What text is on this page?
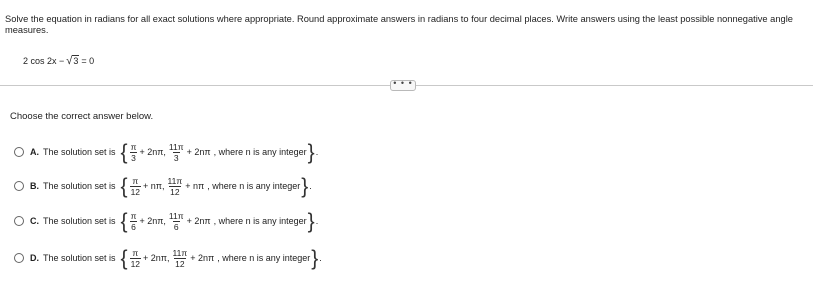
Solve the equation in radians for all exact solutions where appropriate. Round approximate answers in radians to four decimal places. Write answers using the least possible nonnegative angle measures.
2 cos 2x − √ 3 = 0
• • •
Choose the correct answer below.
A. The solution set is { $\frac{\pi}{3} + 2n\pi$, $\frac{11\pi}{3} + 2n\pi$ , where n is any integer } .
B. The solution set is { $\frac{\pi}{12} + n\pi$, $\frac{11\pi}{12} + n\pi$ , where n is any integer } .
C. The solution set is { $\frac{\pi}{6} + 2n\pi$, $\frac{11\pi}{6} + 2n\pi$ , where n is any integer } .
D. The solution set is { $\frac{\pi}{12} + 2n\pi$, $\frac{11\pi}{12} + 2n\pi$ , where n is any integer } .
